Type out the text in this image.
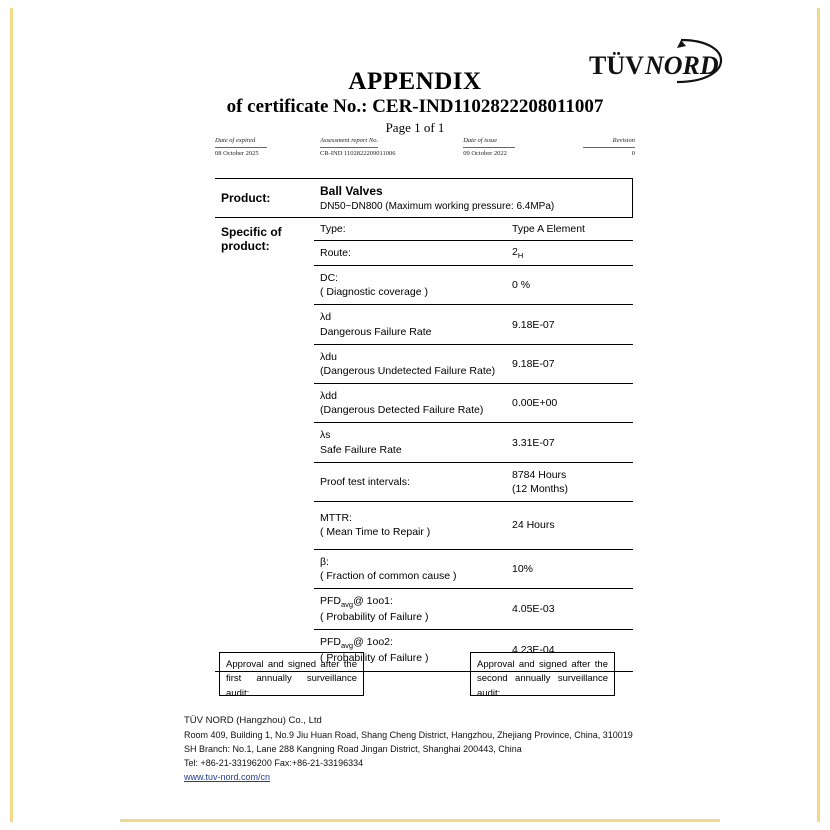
TÜV NORD
APPENDIX
of certificate No.: CER-IND1102822208011007
Page 1 of 1
Date of expired
08 October 2025
Assessment report No.
CR-IND 1102822209011006
Date of issue
09 October 2022
Revision
0
Product:	Ball Valves
DN50~DN800 (Maximum working pressure: 6.4MPa)	

Specific of
product:	Type:	Type A Element
	Route:	$2_H$

	DC:
( Diagnostic coverage )	0 %

	λd
Dangerous Failure Rate	9.18E-07

	λdu
(Dangerous Undetected Failure Rate)	9.18E-07

	λdd
(Dangerous Detected Failure Rate)	0.00E+00

	λs
Safe Failure Rate	3.31E-07
	Proof test intervals:	8784 Hours
(12 Months)

	MTTR:
( Mean Time to Repair )	24 Hours

	β:
( Fraction of common cause )	10%

	$PFD_{avg}@$ 1oo1:
( Probability of Failure )	4.05E-03

	$PFD_{avg}@$ 1oo2:
( Probability of Failure )	4.23E-04
Approval and signed after the first annually surveillance audit:
Approval and signed after the second annually surveillance audit:
TÜV NORD (Hangzhou) Co., Ltd
Room 409, Building 1, No.9 Jiu Huan Road, Shang Cheng District, Hangzhou, Zhejiang Province, China, 310019
SH Branch: No.1, Lane 288 Kangning Road Jingan District, Shanghai 200443, China
Tel: +86-21-33196200 Fax:+86-21-33196334
www.tuv-nord.com/cn
